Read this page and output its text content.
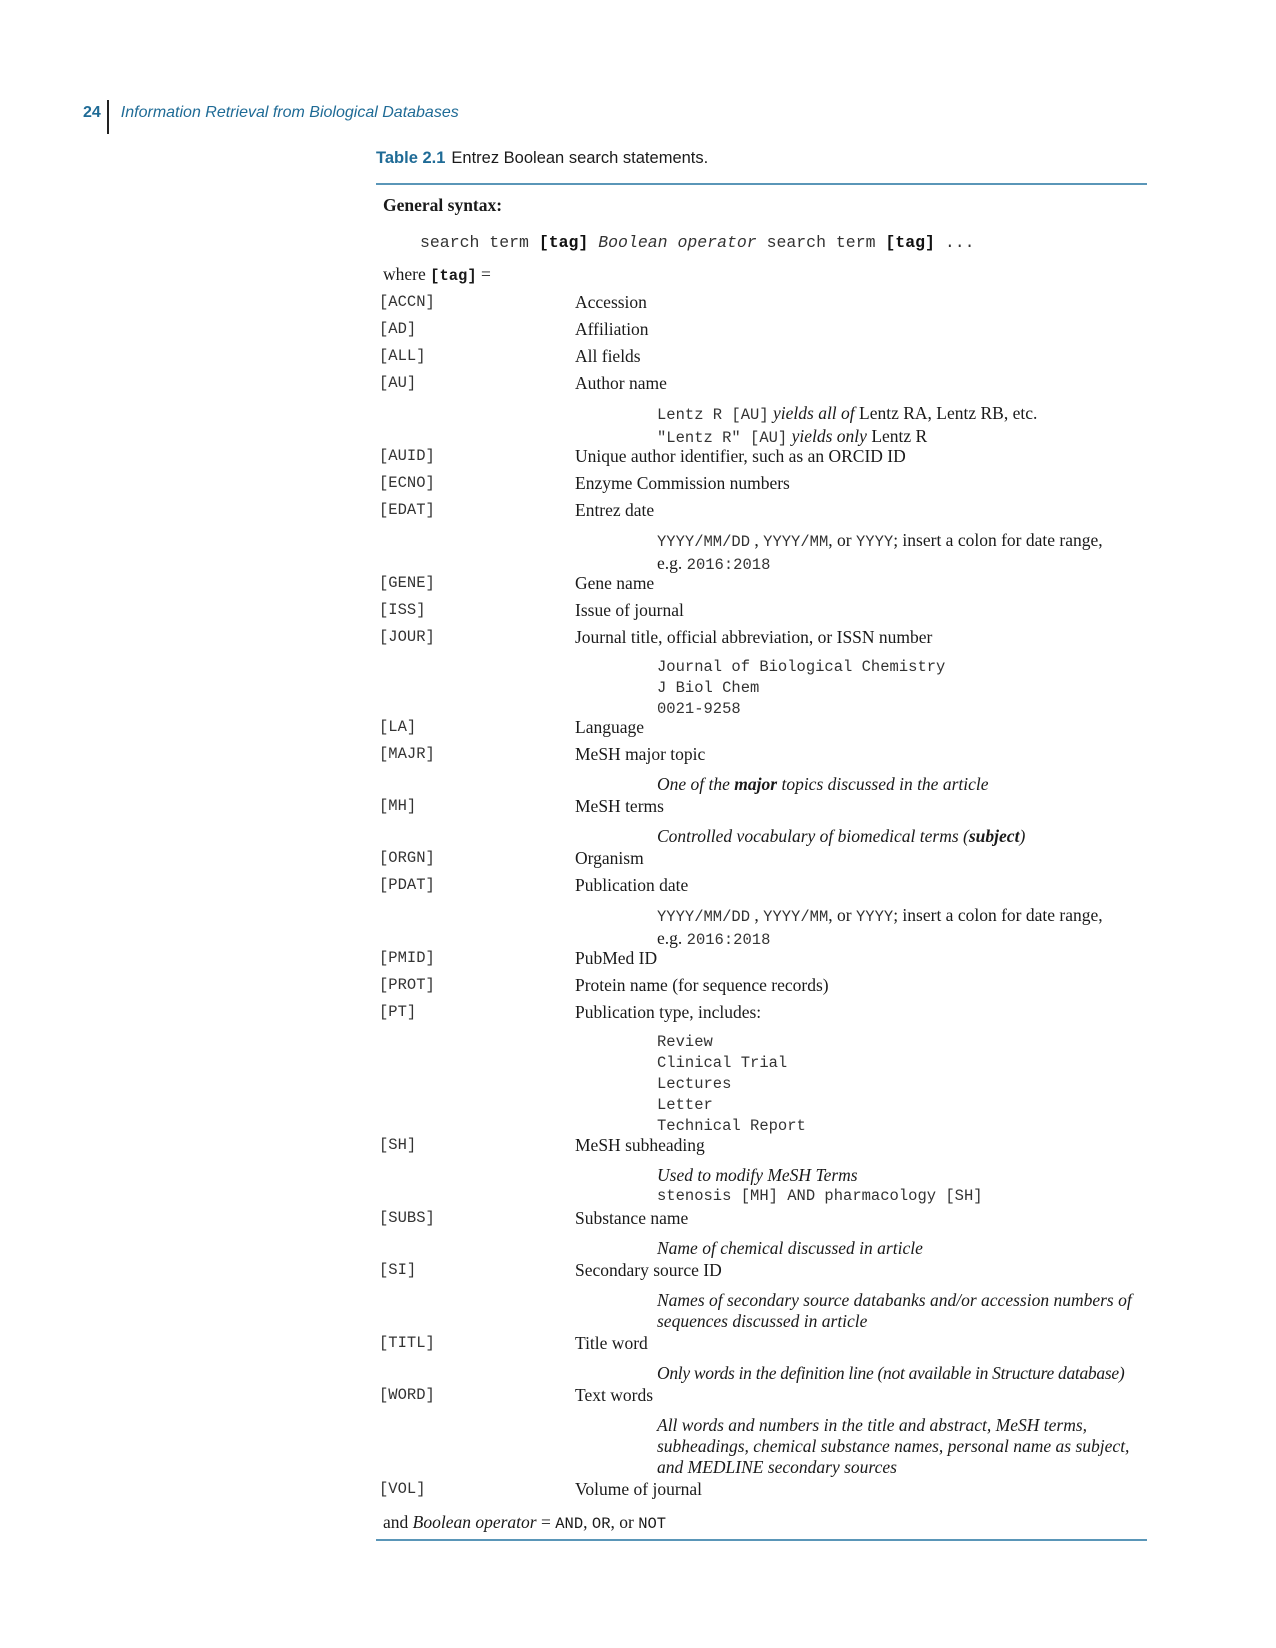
24	Information Retrieval from Biological Databases
Table 2.1 Entrez Boolean search statements.
General syntax:
search term [tag] Boolean operator search term [tag] ...
where [tag] =
[ACCN]	Accession
[AD]	Affiliation
[ALL]	All fields
[AU]	Author name
Lentz R [AU] yields all of Lentz RA, Lentz RB, etc.
"Lentz R" [AU] yields only Lentz R
[AUID]	Unique author identifier, such as an ORCID ID
[ECNO]	Enzyme Commission numbers
[EDAT]	Entrez date
YYYY/MM/DD , YYYY/MM, or YYYY; insert a colon for date range,
e.g. 2016:2018
[GENE]	Gene name
[ISS]	Issue of journal
[JOUR]	Journal title, official abbreviation, or ISSN number
Journal of Biological Chemistry
J Biol Chem
0021-9258
[LA]	Language
[MAJR]	MeSH major topic
One of the major topics discussed in the article
[MH]	MeSH terms
Controlled vocabulary of biomedical terms (subject)
[ORGN]	Organism
[PDAT]	Publication date
YYYY/MM/DD , YYYY/MM, or YYYY; insert a colon for date range,
e.g. 2016:2018
[PMID]	PubMed ID
[PROT]	Protein name (for sequence records)
[PT]	Publication type, includes:
Review
Clinical Trial
Lectures
Letter
Technical Report
[SH]	MeSH subheading
Used to modify MeSH Terms
stenosis [MH] AND pharmacology [SH]
[SUBS]	Substance name
Name of chemical discussed in article
[SI]	Secondary source ID
Names of secondary source databanks and/or accession numbers of
sequences discussed in article
[TITL]	Title word
Only words in the definition line (not available in Structure database)
[WORD]	Text words
All words and numbers in the title and abstract, MeSH terms,
subheadings, chemical substance names, personal name as subject,
and MEDLINE secondary sources
[VOL]	Volume of journal
and Boolean operator = AND, OR, or NOT
